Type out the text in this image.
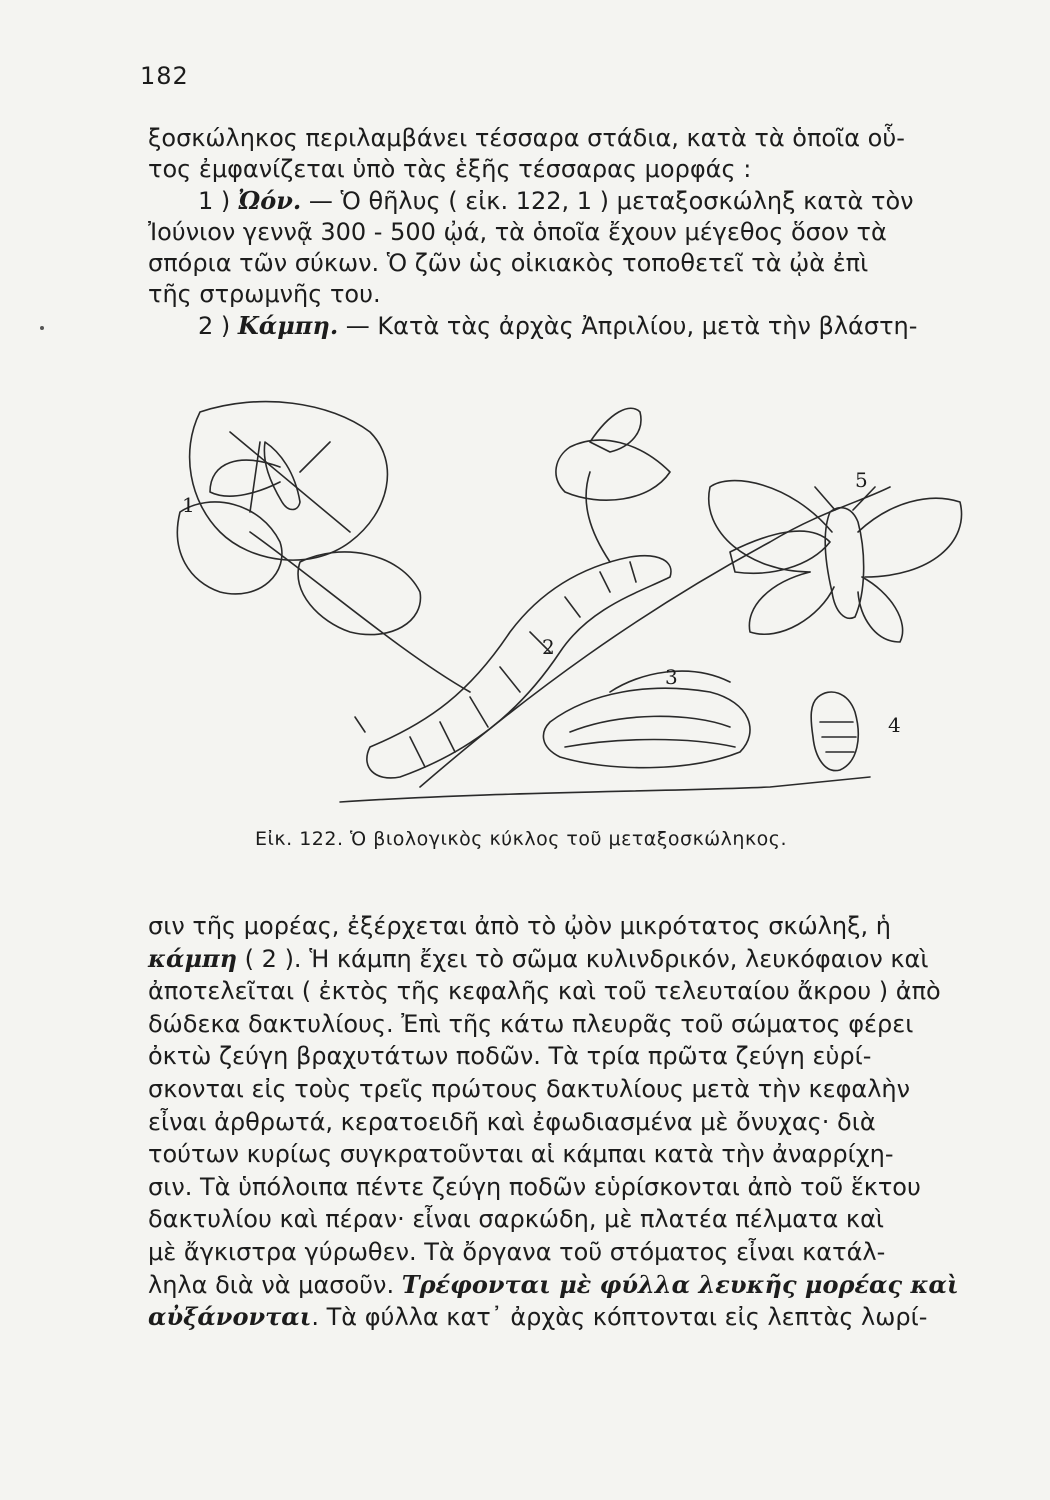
182
ξοσκώληκος περιλαμβάνει τέσσαρα στάδια, κατὰ τὰ ὁποῖα οὗ-
τος ἐμφανίζεται ὑπὸ τὰς ἑξῆς τέσσαρας μορφάς :
1 ) Ὠόν. — Ὁ θῆλυς ( εἰκ. 122, 1 ) μεταξοσκώληξ κατὰ τὸν
Ἰούνιον γεννᾷ 300 - 500 ᾠά, τὰ ὁποῖα ἔχουν μέγεθος ὅσον τὰ
σπόρια τῶν σύκων. Ὁ ζῶν ὡς οἰκιακὸς τοποθετεῖ τὰ ᾠὰ ἐπὶ
τῆς στρωμνῆς του.
2 ) Κάμπη. — Κατὰ τὰς ἀρχὰς Ἀπριλίου, μετὰ τὴν βλάστη-
1
2
3
4
5
Εἰκ. 122. Ὁ βιολογικὸς κύκλος τοῦ μεταξοσκώληκος.
σιν τῆς μορέας, ἐξέρχεται ἀπὸ τὸ ᾠὸν μικρότατος σκώληξ, ἡ
κάμπη ( 2 ). Ἡ κάμπη ἔχει τὸ σῶμα κυλινδρικόν, λευκόφαιον καὶ
ἀποτελεῖται ( ἐκτὸς τῆς κεφαλῆς καὶ τοῦ τελευταίου ἄκρου ) ἀπὸ
δώδεκα δακτυλίους. Ἐπὶ τῆς κάτω πλευρᾶς τοῦ σώματος φέρει
ὀκτὼ ζεύγη βραχυτάτων ποδῶν. Τὰ τρία πρῶτα ζεύγη εὑρί-
σκονται εἰς τοὺς τρεῖς πρώτους δακτυλίους μετὰ τὴν κεφαλὴν
εἶναι ἀρθρωτά, κερατοειδῆ καὶ ἐφωδιασμένα μὲ ὄνυχας· διὰ
τούτων κυρίως συγκρατοῦνται αἱ κάμπαι κατὰ τὴν ἀναρρίχη-
σιν. Τὰ ὑπόλοιπα πέντε ζεύγη ποδῶν εὑρίσκονται ἀπὸ τοῦ ἕκτου
δακτυλίου καὶ πέραν· εἶναι σαρκώδη, μὲ πλατέα πέλματα καὶ
μὲ ἄγκιστρα γύρωθεν. Τὰ ὄργανα τοῦ στόματος εἶναι κατάλ-
ληλα διὰ νὰ μασοῦν. Τρέφονται μὲ φύλλα λευκῆς μορέας καὶ
αὐξάνονται. Τὰ φύλλα κατ᾽ ἀρχὰς κόπτονται εἰς λεπτὰς λωρί-
